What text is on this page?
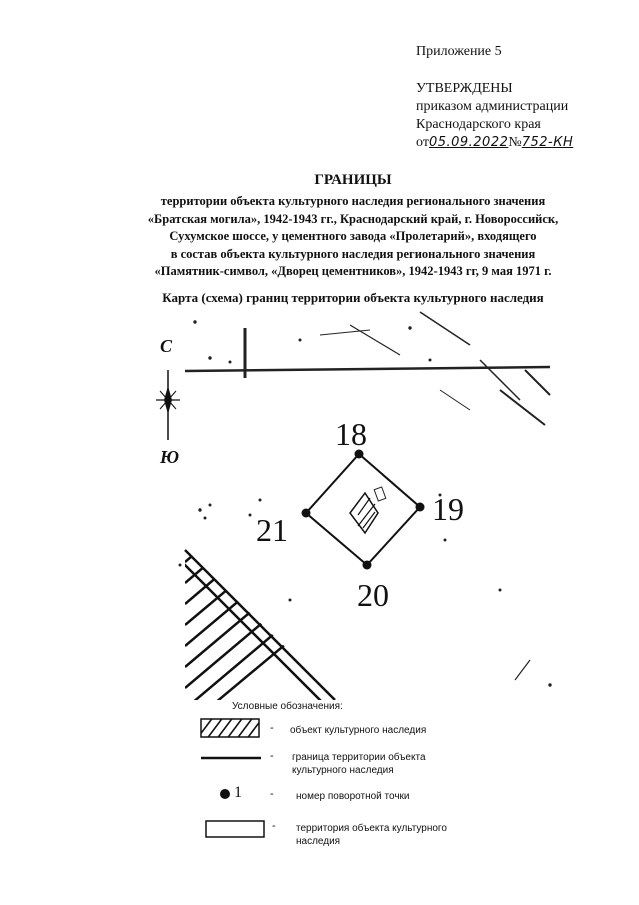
Приложение 5
УТВЕРЖДЕНЫ
приказом администрации
Краснодарского края
от05.09.2022№752-КН
ГРАНИЦЫ
территории объекта культурного наследия регионального значения
«Братская могила», 1942-1943 гг., Краснодарский край, г. Новороссийск,
Сухумское шоссе, у цементного завода «Пролетарий», входящего
в состав объекта культурного наследия регионального значения
«Памятник-символ, «Дворец цементников», 1942-1943 гг, 9 мая 1971 г.
Карта (схема) границ территории объекта культурного наследия
С
Ю
18
19
20
21
Условные обозначения:
- объект культурного наследия
- граница территории объекта культурного наследия
1	- номер поворотной точки
- территория объекта культурного наследия
